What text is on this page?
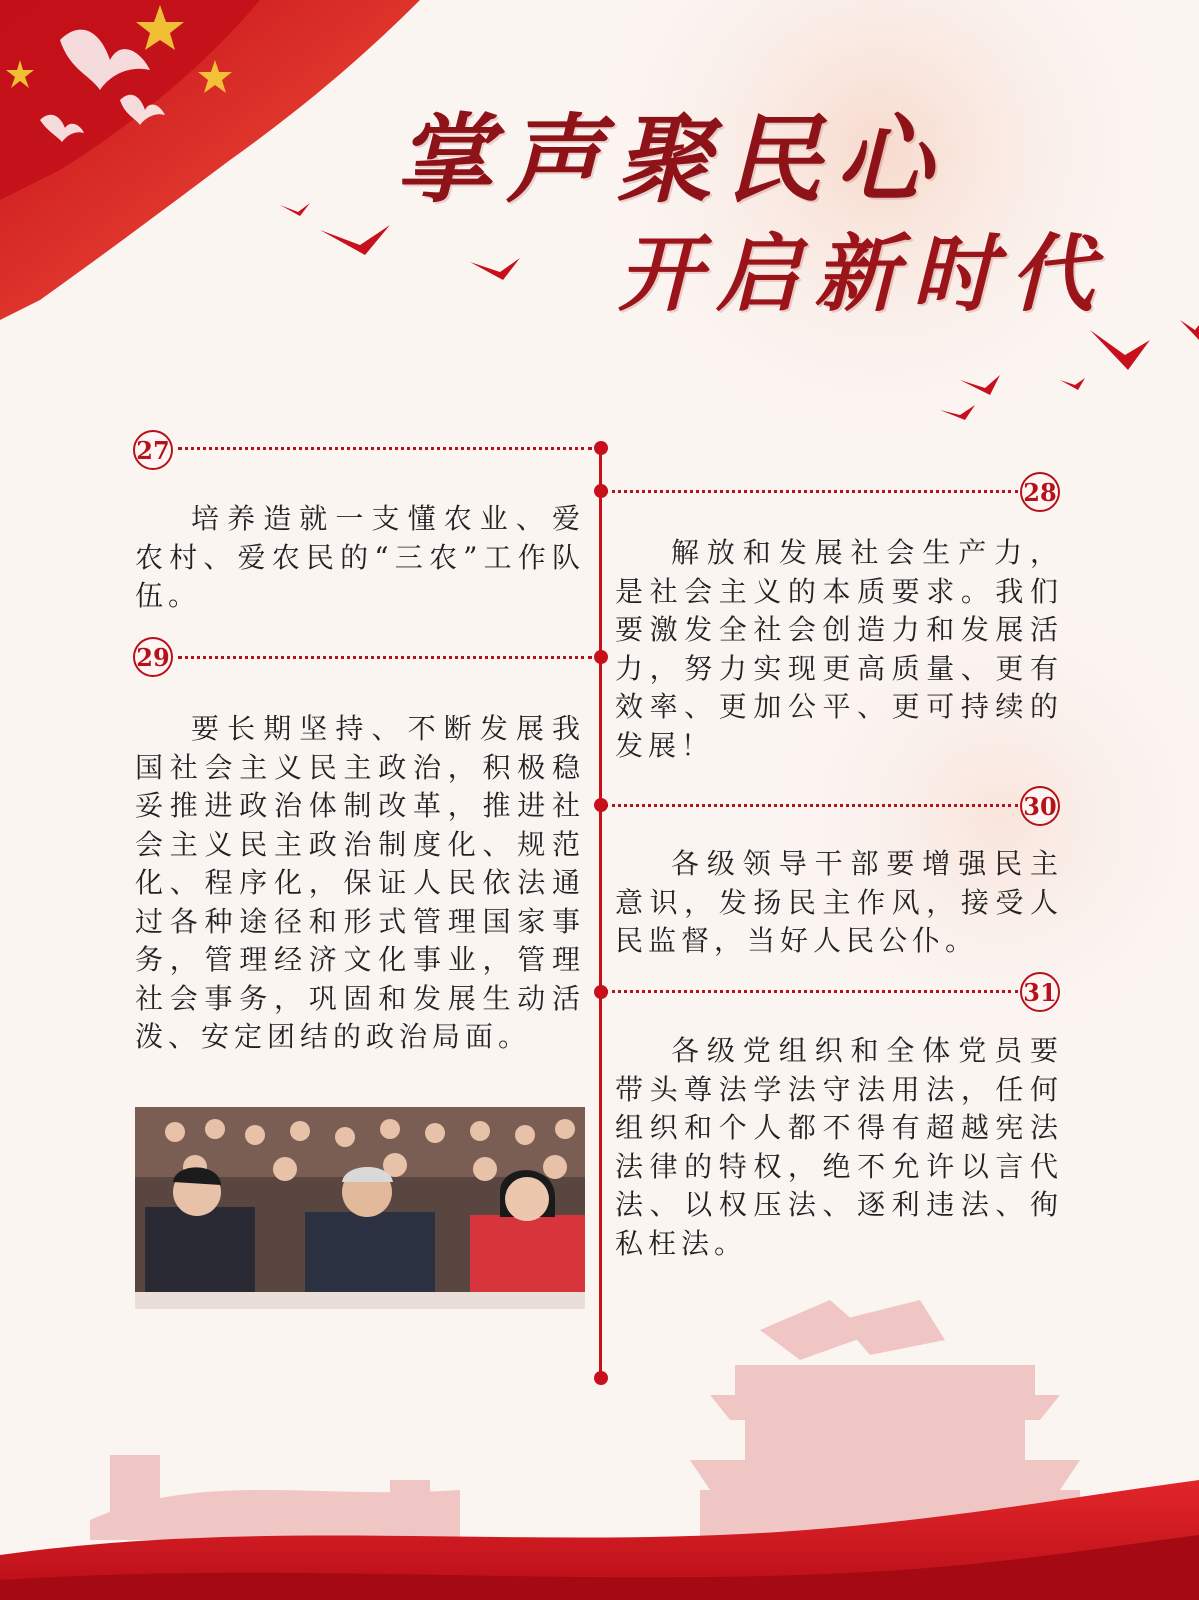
掌声聚民心
开启新时代
27

培养造就一支懂农业、爱农村、爱农民的“三农”工作队伍。

29

要长期坚持、不断发展我国社会主义民主政治，积极稳妥推进政治体制改革，推进社会主义民主政治制度化、规范化、程序化，保证人民依法通过各种途径和形式管理国家事务，管理经济文化事业，管理社会事务，巩固和发展生动活泼、安定团结的政治局面。

28

解放和发展社会生产力，是社会主义的本质要求。我们要激发全社会创造力和发展活力，努力实现更高质量、更有效率、更加公平、更可持续的发展！

30

各级领导干部要增强民主意识，发扬民主作风，接受人民监督，当好人民公仆。

31

各级党组织和全体党员要带头尊法学法守法用法，任何组织和个人都不得有超越宪法法律的特权，绝不允许以言代法、以权压法、逐利违法、徇私枉法。
